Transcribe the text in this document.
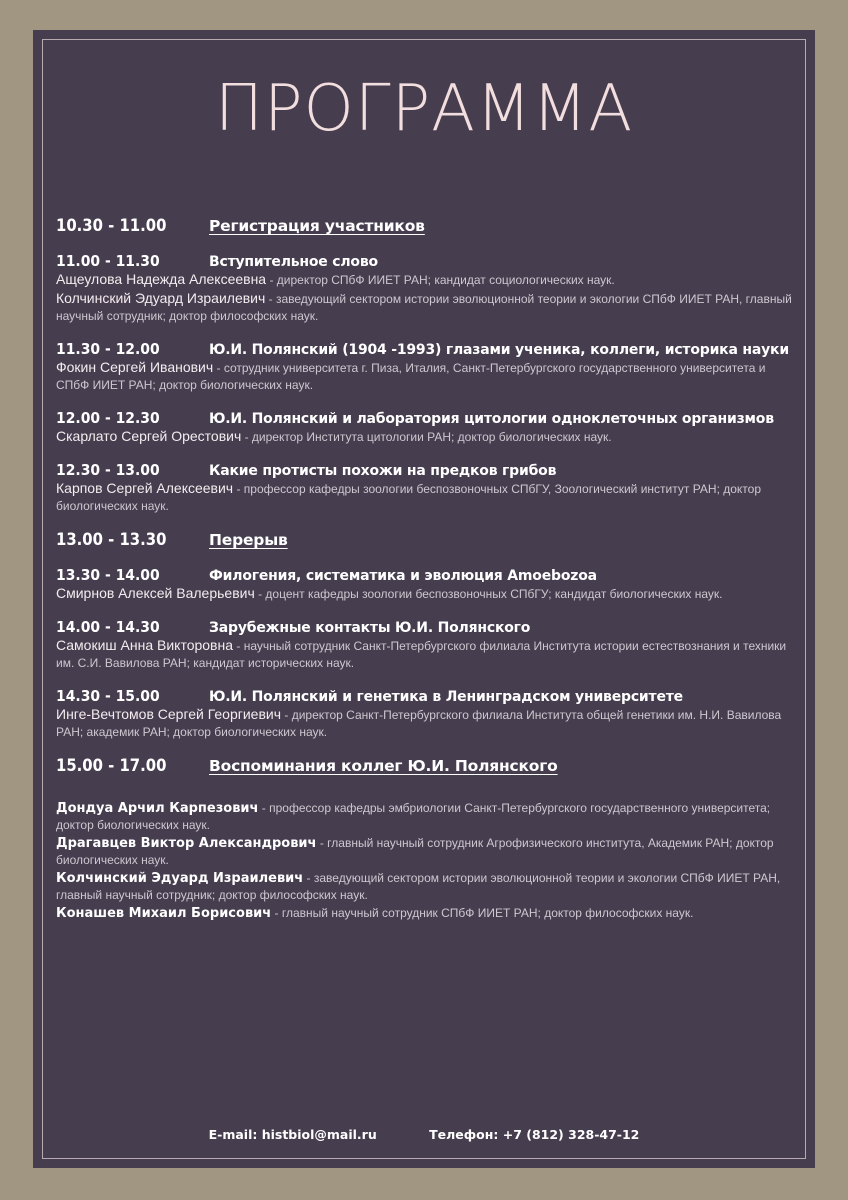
ПРОГРАММА
10.30 - 11.00	Регистрация участников
11.00 - 11.30	Вступительное слово
Ащеулова Надежда Алексеевна - директор СПбФ ИИЕТ РАН; кандидат социологических наук.
Колчинский Эдуард Израилевич - заведующий сектором истории эволюционной теории и экологии СПбФ ИИЕТ РАН, главный научный сотрудник; доктор философских наук.
11.30 - 12.00	Ю.И. Полянский (1904 -1993) глазами ученика, коллеги, историка науки
Фокин Сергей Иванович - сотрудник университета г. Пиза, Италия, Санкт-Петербургского государственного университета и СПбФ ИИЕТ РАН; доктор биологических наук.
12.00 - 12.30	Ю.И. Полянский и лаборатория цитологии одноклеточных организмов
Скарлато Сергей Орестович - директор Института цитологии РАН; доктор биологических наук.
12.30 - 13.00	Какие протисты похожи на предков грибов
Карпов Сергей Алексеевич - профессор кафедры зоологии беспозвоночных СПбГУ, Зоологический институт РАН; доктор биологических наук.
13.00 - 13.30	Перерыв
13.30 - 14.00	Филогения, систематика и эволюция Amoebozoa
Смирнов Алексей Валерьевич - доцент кафедры зоологии беспозвоночных СПбГУ; кандидат биологических наук.
14.00 - 14.30	Зарубежные контакты Ю.И. Полянского
Самокиш Анна Викторовна - научный сотрудник Санкт-Петербургского филиала Института истории естествознания и техники им. С.И. Вавилова РАН; кандидат исторических наук.
14.30 - 15.00	Ю.И. Полянский и генетика в Ленинградском университете
Инге-Вечтомов Сергей Георгиевич - директор Санкт-Петербургского филиала Института общей генетики им. Н.И. Вавилова РАН; академик РАН; доктор биологических наук.
15.00 - 17.00	Воспоминания коллег Ю.И. Полянского
Дондуа Арчил Карпезович - профессор кафедры эмбриологии Санкт-Петербургского государственного университета; доктор биологических наук.
Драгавцев Виктор Александрович - главный научный сотрудник Агрофизического института, Академик РАН; доктор биологических наук.
Колчинский Эдуард Израилевич - заведующий сектором истории эволюционной теории и экологии СПбФ ИИЕТ РАН, главный научный сотрудник; доктор философских наук.
Конашев Михаил Борисович - главный научный сотрудник СПбФ ИИЕТ РАН; доктор философских наук.
E-mail: histbiol@mail.ru	Телефон: +7 (812) 328-47-12
